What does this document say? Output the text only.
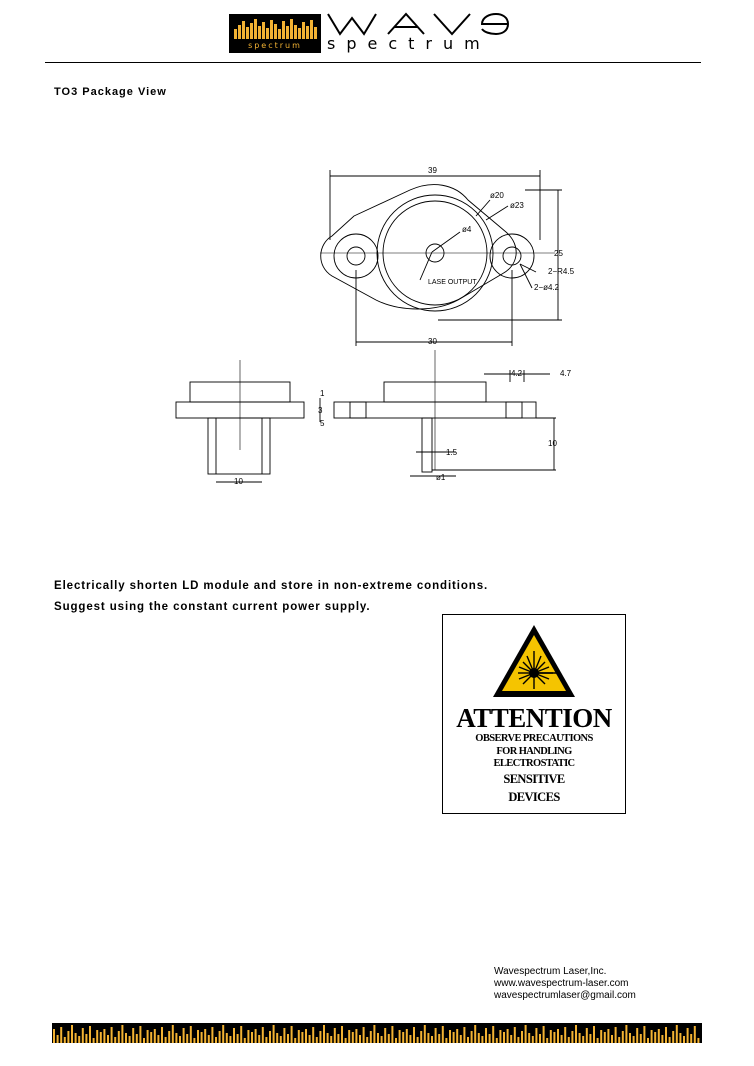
spectrum	spectrum
TO3 Package View
39
ø20
ø23
ø4
25
2−R4.5
2−ø4.2
LASE OUTPUT
30
4.2	4.7
1
3
5
10
10
1.5
ø1
Electrically shorten LD module and store in non-extreme conditions.
Suggest using the constant current power supply.
ATTENTION
OBSERVE PRECAUTIONS
FOR HANDLING
ELECTROSTATIC
SENSITIVE
DEVICES
Wavespectrum Laser,Inc.
www.wavespectrum-laser.com
wavespectrumlaser@gmail.com
